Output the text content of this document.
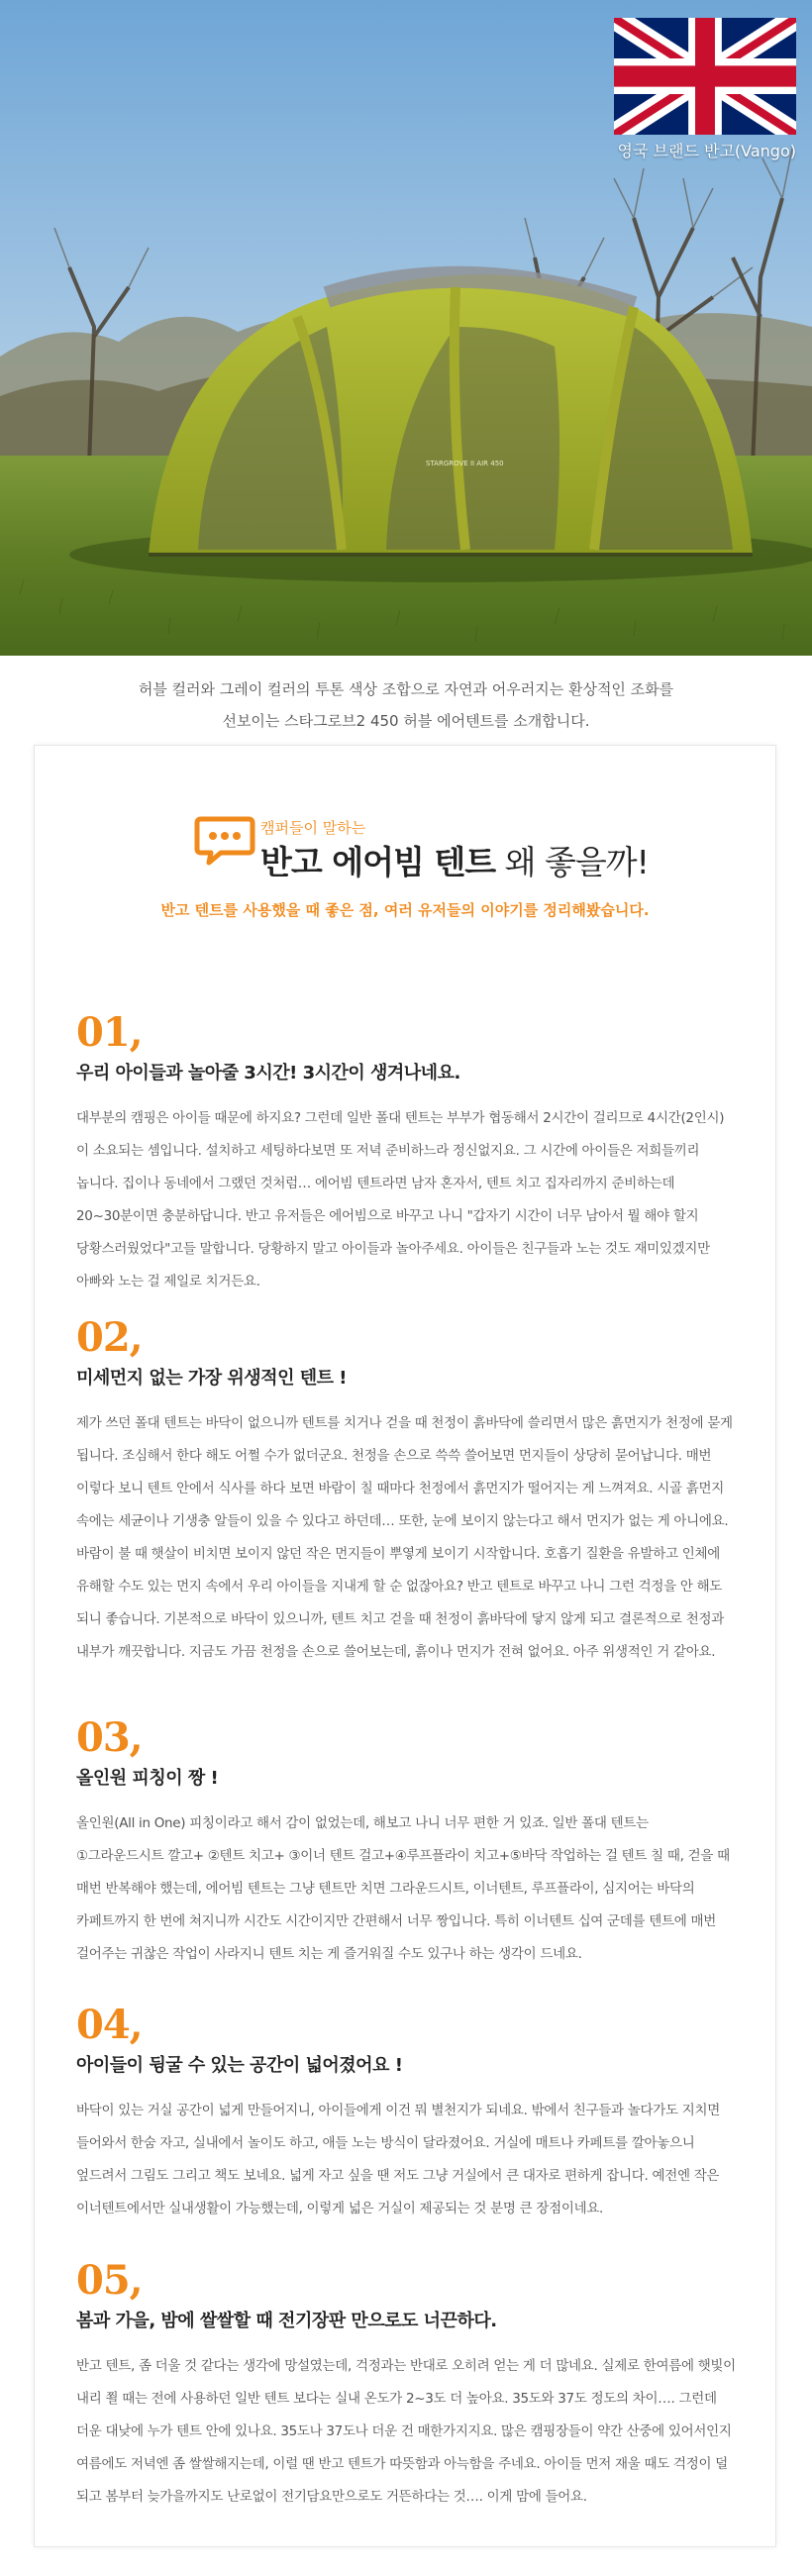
STARGROVE II AIR 450
영국 브랜드 반고(Vango)
허블 컬러와 그레이 컬러의 투톤 색상 조합으로 자연과 어우러지는 환상적인 조화를
선보이는 스타그로브2 450 허블 에어텐트를 소개합니다.
캠퍼들이 말하는
반고 에어빔 텐트 왜 좋을까!
반고 텐트를 사용했을 때 좋은 점, 여러 유저들의 이야기를 정리해봤습니다.
01,
우리 아이들과 놀아줄 3시간! 3시간이 생겨나네요.
대부분의 캠핑은 아이들 때문에 하지요? 그런데 일반 폴대 텐트는 부부가 협동해서 2시간이 걸리므로 4시간(2인시)이 소요되는 셈입니다. 설치하고 세팅하다보면 또 저녁 준비하느라 정신없지요. 그 시간에 아이들은 저희들끼리 놉니다. 집이나 동네에서 그랬던 것처럼… 에어빔 텐트라면 남자 혼자서, 텐트 치고 집자리까지 준비하는데 20~30분이면 충분하답니다. 반고 유저들은 에어빔으로 바꾸고 나니 "갑자기 시간이 너무 남아서 뭘 해야 할지 당황스러웠었다"고들 말합니다. 당황하지 말고 아이들과 놀아주세요. 아이들은 친구들과 노는 것도 재미있겠지만 아빠와 노는 걸 제일로 치거든요.
02,
미세먼지 없는 가장 위생적인 텐트 !
제가 쓰던 폴대 텐트는 바닥이 없으니까 텐트를 치거나 걷을 때 천정이 흙바닥에 쓸리면서 많은 흙먼지가 천정에 묻게 됩니다. 조심해서 한다 해도 어쩔 수가 없더군요. 천정을 손으로 쓱쓱 쓸어보면 먼지들이 상당히 묻어납니다. 매번 이렇다 보니 텐트 안에서 식사를 하다 보면 바람이 칠 때마다 천정에서 흙먼지가 떨어지는 게 느껴져요. 시골 흙먼지 속에는 세균이나 기생충 알들이 있을 수 있다고 하던데… 또한, 눈에 보이지 않는다고 해서 먼지가 없는 게 아니에요. 바람이 불 때 햇살이 비치면 보이지 않던 작은 먼지들이 뿌옇게 보이기 시작합니다. 호흡기 질환을 유발하고 인체에 유해할 수도 있는 먼지 속에서 우리 아이들을 지내게 할 순 없잖아요? 반고 텐트로 바꾸고 나니 그런 걱정을 안 해도 되니 좋습니다. 기본적으로 바닥이 있으니까, 텐트 치고 걷을 때 천정이 흙바닥에 닿지 않게 되고 결론적으로 천정과 내부가 깨끗합니다. 지금도 가끔 천정을 손으로 쓸어보는데, 흙이나 먼지가 전혀 없어요. 아주 위생적인 거 같아요.
03,
올인원 피칭이 짱 !
올인원(All in One) 피칭이라고 해서 감이 없었는데, 해보고 나니 너무 편한 거 있죠. 일반 폴대 텐트는 ①그라운드시트 깔고+ ②텐트 치고+ ③이너 텐트 걸고+④루프플라이 치고+⑤바닥 작업하는 걸 텐트 칠 때, 걷을 때 매번 반복해야 했는데, 에어빔 텐트는 그냥 텐트만 치면 그라운드시트, 이너텐트, 루프플라이, 심지어는 바닥의 카페트까지 한 번에 쳐지니까 시간도 시간이지만 간편해서 너무 짱입니다. 특히 이너텐트 십여 군데를 텐트에 매번 걸어주는 귀찮은 작업이 사라지니 텐트 치는 게 즐거워질 수도 있구나 하는 생각이 드네요.
04,
아이들이 뒹굴 수 있는 공간이 넓어졌어요 !
바닥이 있는 거실 공간이 넓게 만들어지니, 아이들에게 이건 뭐 별천지가 되네요. 밖에서 친구들과 놀다가도 지치면 들어와서 한숨 자고, 실내에서 놀이도 하고, 애들 노는 방식이 달라졌어요. 거실에 매트나 카페트를 깔아놓으니 엎드려서 그림도 그리고 책도 보네요. 넓게 자고 싶을 땐 저도 그냥 거실에서 큰 대자로 편하게 잡니다. 예전엔 작은 이너텐트에서만 실내생활이 가능했는데, 이렇게 넓은 거실이 제공되는 것 분명 큰 장점이네요.
05,
봄과 가을, 밤에 쌀쌀할 때 전기장판 만으로도 너끈하다.
반고 텐트, 좀 더울 것 같다는 생각에 망설였는데, 걱정과는 반대로 오히려 얻는 게 더 많네요. 실제로 한여름에 햇빛이 내리 쬘 때는 전에 사용하던 일반 텐트 보다는 실내 온도가 2~3도 더 높아요. 35도와 37도 정도의 차이…. 그런데 더운 대낮에 누가 텐트 안에 있나요. 35도나 37도나 더운 건 매한가지지요. 많은 캠핑장들이 약간 산중에 있어서인지 여름에도 저녁엔 좀 쌀쌀해지는데, 이럴 땐 반고 텐트가 따뜻함과 아늑함을 주네요. 아이들 먼저 재울 때도 걱정이 덜 되고 봄부터 늦가을까지도 난로없이 전기담요만으로도 거뜬하다는 것…. 이게 맘에 들어요.
